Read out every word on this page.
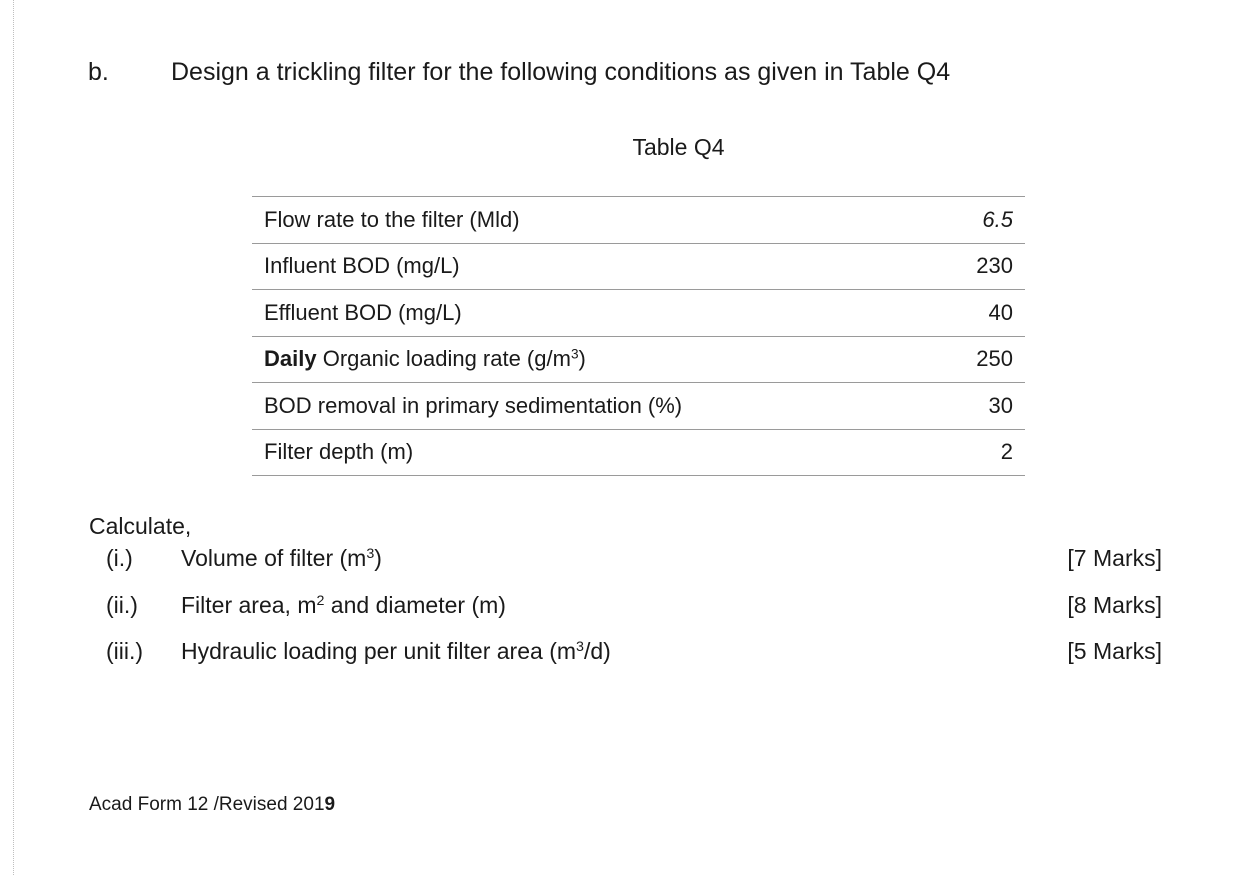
b. Design a trickling filter for the following conditions as given in Table Q4
Table Q4
Flow rate to the filter (Mld)	6.5
Influent BOD (mg/L)	230
Effluent BOD (mg/L)	40
Daily Organic loading rate $(g/m^3)$	250
BOD removal in primary sedimentation (%)	30
Filter depth (m)	2
Calculate,
(i.) Volume of filter $(m^3)$	[7 Marks]
(ii.) Filter area, $m^2$ and diameter (m)	[8 Marks]
(iii.) Hydraulic loading per unit filter area $(m^3/d)$	[5 Marks]
Acad Form 12 /Revised 2019
